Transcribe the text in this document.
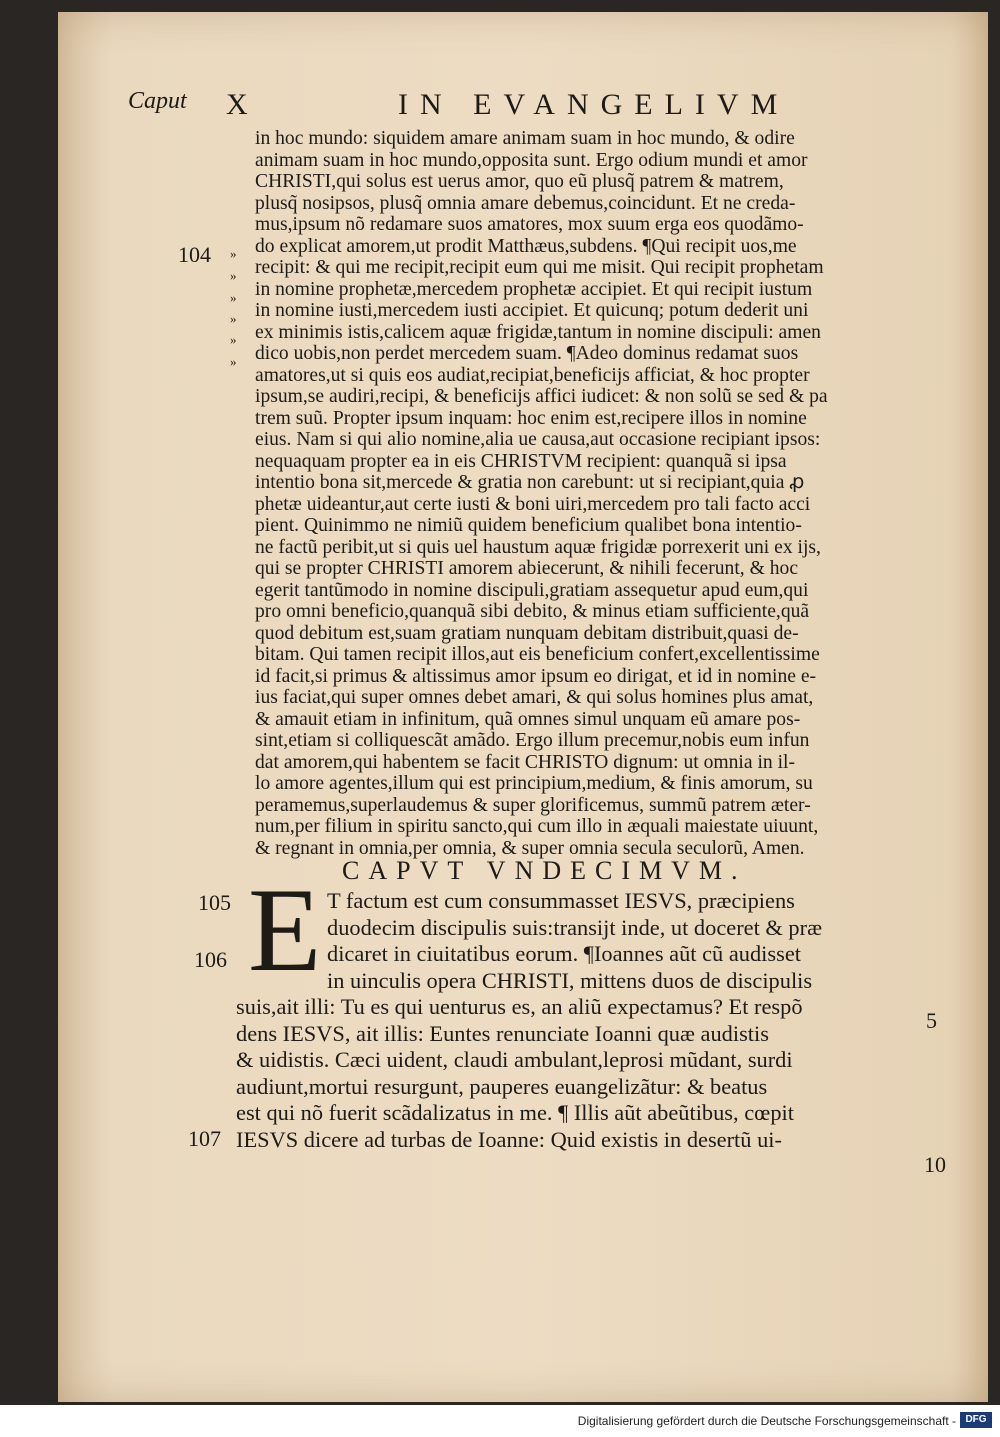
Caput X	IN EVANGELIVM
104 »
»
»
»
»
»
in hoc mundo: siquidem amare animam suam in hoc mundo, & odire
animam suam in hoc mundo,opposita sunt. Ergo odium mundi et amor
CHRISTI,qui solus est uerus amor, quo eũ plusq̃ patrem & matrem,
plusq̃ nosipsos, plusq̃ omnia amare debemus,coincidunt. Et ne creda-
mus,ipsum nõ redamare suos amatores, mox suum erga eos quodãmo-
do explicat amorem,ut prodit Matthæus,subdens. ¶Qui recipit uos,me
recipit: & qui me recipit,recipit eum qui me misit. Qui recipit prophetam
in nomine prophetæ,mercedem prophetæ accipiet. Et qui recipit iustum
in nomine iusti,mercedem iusti accipiet. Et quicunq; potum dederit uni
ex minimis istis,calicem aquæ frigidæ,tantum in nomine discipuli: amen
dico uobis,non perdet mercedem suam. ¶Adeo dominus redamat suos
amatores,ut si quis eos audiat,recipiat,beneficijs afficiat, & hoc propter
ipsum,se audiri,recipi, & beneficijs affici iudicet: & non solũ se sed & pa
trem suũ. Propter ipsum inquam: hoc enim est,recipere illos in nomine
eius. Nam si qui alio nomine,alia ue causa,aut occasione recipiant ipsos:
nequaquam propter ea in eis CHRISTVM recipient: quanquã si ipsa
intentio bona sit,mercede & gratia non carebunt: ut si recipiant,quia ꝓ
phetæ uideantur,aut certe iusti & boni uiri,mercedem pro tali facto acci
pient. Quinimmo ne nimiũ quidem beneficium qualibet bona intentio-
ne factũ peribit,ut si quis uel haustum aquæ frigidæ porrexerit uni ex ijs,
qui se propter CHRISTI amorem abiecerunt, & nihili fecerunt, & hoc
egerit tantũmodo in nomine discipuli,gratiam assequetur apud eum,qui
pro omni beneficio,quanquã sibi debito, & minus etiam sufficiente,quã
quod debitum est,suam gratiam nunquam debitam distribuit,quasi de-
bitam. Qui tamen recipit illos,aut eis beneficium confert,excellentissime
id facit,si primus & altissimus amor ipsum eo dirigat, et id in nomine e-
ius faciat,qui super omnes debet amari, & qui solus homines plus amat,
& amauit etiam in infinitum, quã omnes simul unquam eũ amare pos-
sint,etiam si colliquescãt amãdo. Ergo illum precemur,nobis eum infun
dat amorem,qui habentem se facit CHRISTO dignum: ut omnia in il-
lo amore agentes,illum qui est principium,medium, & finis amorum, su
peramemus,superlaudemus & super glorificemus, summũ patrem æter-
num,per filium in spiritu sancto,qui cum illo in æquali maiestate uiuunt,
& regnant in omnia,per omnia, & super omnia secula seculorũ, Amen.
CAPVT VNDECIMVM.
E
105
106
107
T factum est cum consummasset IESVS, præcipiens
duodecim discipulis suis:transijt inde, ut doceret & præ
dicaret in ciuitatibus eorum. ¶Ioannes aũt cũ audisset
in uinculis opera CHRISTI, mittens duos de discipulis
suis,ait illi: Tu es qui uenturus es, an aliũ expectamus? Et respõ
dens IESVS, ait illis: Euntes renunciate Ioanni quæ audistis
& uidistis. Cæci uident, claudi ambulant,leprosi mũdant, surdi
audiunt,mortui resurgunt, pauperes euangelizãtur: & beatus
est qui nõ fuerit scãdalizatus in me. ¶ Illis aũt abeũtibus, cœpit
IESVS dicere ad turbas de Ioanne: Quid existis in desertũ ui-
5
10
Digitalisierung gefördert durch die Deutsche Forschungsgemeinschaft - DFG
